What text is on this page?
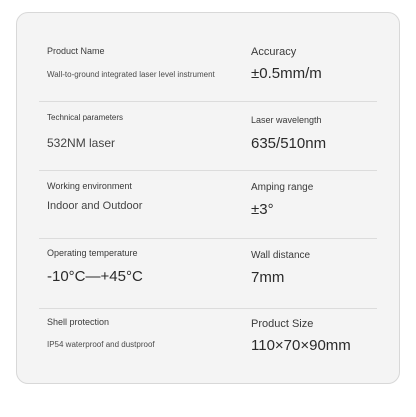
Product Name
Wall-to-ground integrated laser level instrument
Accuracy
±0.5mm/m
Technical parameters
532NM laser
Laser wavelength
635/510nm
Working environment
Indoor and Outdoor
Amping range
±3°
Operating temperature
-10°C—+45°C
Wall distance
7mm
Shell protection
IP54 waterproof and dustproof
Product Size
110×70×90mm
